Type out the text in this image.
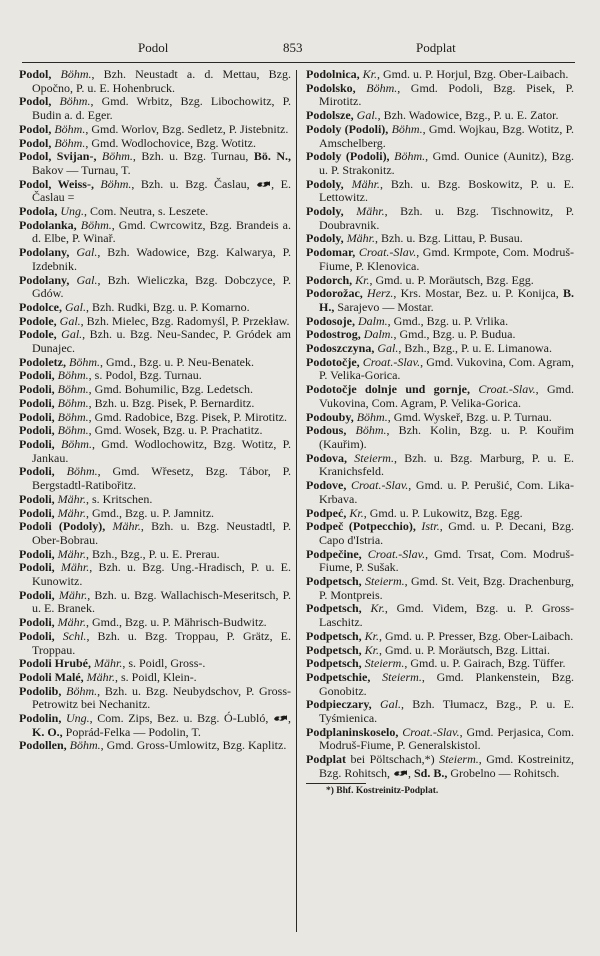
Podol	853	Podplat

Podol, Böhm., Bzh. Neustadt a. d. Mettau, Bzg. Opočno, P. u. E. Hohenbruck.

Podol, Böhm., Gmd. Wrbitz, Bzg. Libochowitz, P. Budin a. d. Eger.

Podol, Böhm., Gmd. Worlov, Bzg. Sedletz, P. Jistebnitz.

Podol, Böhm., Gmd. Wodlochovice, Bzg. Wotitz.

Podol, Svijan-, Böhm., Bzh. u. Bzg. Turnau, Bö. N., Bakov — Turnau, T.

Podol, Weiss-, Böhm., Bzh. u. Bzg. Časlau, , E. Časlau =

Podola, Ung., Com. Neutra, s. Leszete.

Podolanka, Böhm., Gmd. Cwrcowitz, Bzg. Brandeis a. d. Elbe, P. Winař.

Podolany, Gal., Bzh. Wadowice, Bzg. Kalwarya, P. Izdebnik.

Podolany, Gal., Bzh. Wieliczka, Bzg. Dobczyce, P. Gdów.

Podolce, Gal., Bzh. Rudki, Bzg. u. P. Komarno.

Podole, Gal., Bzh. Mielec, Bzg. Radomyśl, P. Przekław.

Podole, Gal., Bzh. u. Bzg. Neu-Sandec, P. Gródek am Dunajec.

Podoletz, Böhm., Gmd., Bzg. u. P. Neu-Benatek.

Podoli, Böhm., s. Podol, Bzg. Turnau.

Podoli, Böhm., Gmd. Bohumilic, Bzg. Ledetsch.

Podoli, Böhm., Bzh. u. Bzg. Pisek, P. Bernarditz.

Podoli, Böhm., Gmd. Radobice, Bzg. Pisek, P. Mirotitz.

Podoli, Böhm., Gmd. Wosek, Bzg. u. P. Prachatitz.

Podoli, Böhm., Gmd. Wodlochowitz, Bzg. Wotitz, P. Jankau.

Podoli, Böhm., Gmd. Wřesetz, Bzg. Tábor, P. Bergstadtl-Ratibořitz.

Podoli, Mähr., s. Kritschen.

Podoli, Mähr., Gmd., Bzg. u. P. Jamnitz.

Podoli (Podoly), Mähr., Bzh. u. Bzg. Neustadtl, P. Ober-Bobrau.

Podoli, Mähr., Bzh., Bzg., P. u. E. Prerau.

Podoli, Mähr., Bzh. u. Bzg. Ung.-Hradisch, P. u. E. Kunowitz.

Podoli, Mähr., Bzh. u. Bzg. Wallachisch-Meseritsch, P. u. E. Branek.

Podoli, Mähr., Gmd., Bzg. u. P. Mährisch-Budwitz.

Podoli, Schl., Bzh. u. Bzg. Troppau, P. Grätz, E. Troppau.

Podoli Hrubé, Mähr., s. Poidl, Gross-.

Podoli Malé, Mähr., s. Poidl, Klein-.

Podolib, Böhm., Bzh. u. Bzg. Neubydschov, P. Gross-Petrowitz bei Nechanitz.

Podolin, Ung., Com. Zips, Bez. u. Bzg. Ó-Lubló, , K. O., Poprád-Felka — Podolin, T.

Podollen, Böhm., Gmd. Gross-Umlowitz, Bzg. Kaplitz.

Podolnica, Kr., Gmd. u. P. Horjul, Bzg. Ober-Laibach.

Podolsko, Böhm., Gmd. Podoli, Bzg. Pisek, P. Mirotitz.

Podolsze, Gal., Bzh. Wadowice, Bzg., P. u. E. Zator.

Podoly (Podoli), Böhm., Gmd. Wojkau, Bzg. Wotitz, P. Amschelberg.

Podoly (Podoli), Böhm., Gmd. Ounice (Aunitz), Bzg. u. P. Strakonitz.

Podoly, Mähr., Bzh. u. Bzg. Boskowitz, P. u. E. Lettowitz.

Podoly, Mähr., Bzh. u. Bzg. Tischnowitz, P. Doubravnik.

Podoly, Mähr., Bzh. u. Bzg. Littau, P. Busau.

Podomar, Croat.-Slav., Gmd. Krmpote, Com. Modruš-Fiume, P. Klenovica.

Podorch, Kr., Gmd. u. P. Moräutsch, Bzg. Egg.

Podorožac, Herz., Krs. Mostar, Bez. u. P. Konijca, B. H., Sarajevo — Mostar.

Podosoje, Dalm., Gmd., Bzg. u. P. Vrlika.

Podostrog, Dalm., Gmd., Bzg. u. P. Budua.

Podoszczyna, Gal., Bzh., Bzg., P. u. E. Limanowa.

Podotočje, Croat.-Slav., Gmd. Vukovina, Com. Agram, P. Velika-Gorica.

Podotočje dolnje und gornje, Croat.-Slav., Gmd. Vukovina, Com. Agram, P. Velika-Gorica.

Podouby, Böhm., Gmd. Wyskeř, Bzg. u. P. Turnau.

Podous, Böhm., Bzh. Kolin, Bzg. u. P. Kouřim (Kauřim).

Podova, Steierm., Bzh. u. Bzg. Marburg, P. u. E. Kranichsfeld.

Podove, Croat.-Slav., Gmd. u. P. Perušić, Com. Lika-Krbava.

Podpeć, Kr., Gmd. u. P. Lukowitz, Bzg. Egg.

Podpeč (Potpecchio), Istr., Gmd. u. P. Decani, Bzg. Capo d'Istria.

Podpečine, Croat.-Slav., Gmd. Trsat, Com. Modruš-Fiume, P. Sušak.

Podpetsch, Steierm., Gmd. St. Veit, Bzg. Drachenburg, P. Montpreis.

Podpetsch, Kr., Gmd. Videm, Bzg. u. P. Gross-Laschitz.

Podpetsch, Kr., Gmd. u. P. Presser, Bzg. Ober-Laibach.

Podpetsch, Kr., Gmd. u. P. Moräutsch, Bzg. Littai.

Podpetsch, Steierm., Gmd. u. P. Gairach, Bzg. Tüffer.

Podpetschie, Steierm., Gmd. Plankenstein, Bzg. Gonobitz.

Podpieczary, Gal., Bzh. Tłumacz, Bzg., P. u. E. Tyśmienica.

Podplaninskoselo, Croat.-Slav., Gmd. Perjasica, Com. Modruš-Fiume, P. Generalskistol.

Podplat bei Pöltschach,*) Steierm., Gmd. Kostreinitz, Bzg. Rohitsch, , Sd. B., Grobelno — Rohitsch.

*) Bhf. Kostreinitz-Podplat.
